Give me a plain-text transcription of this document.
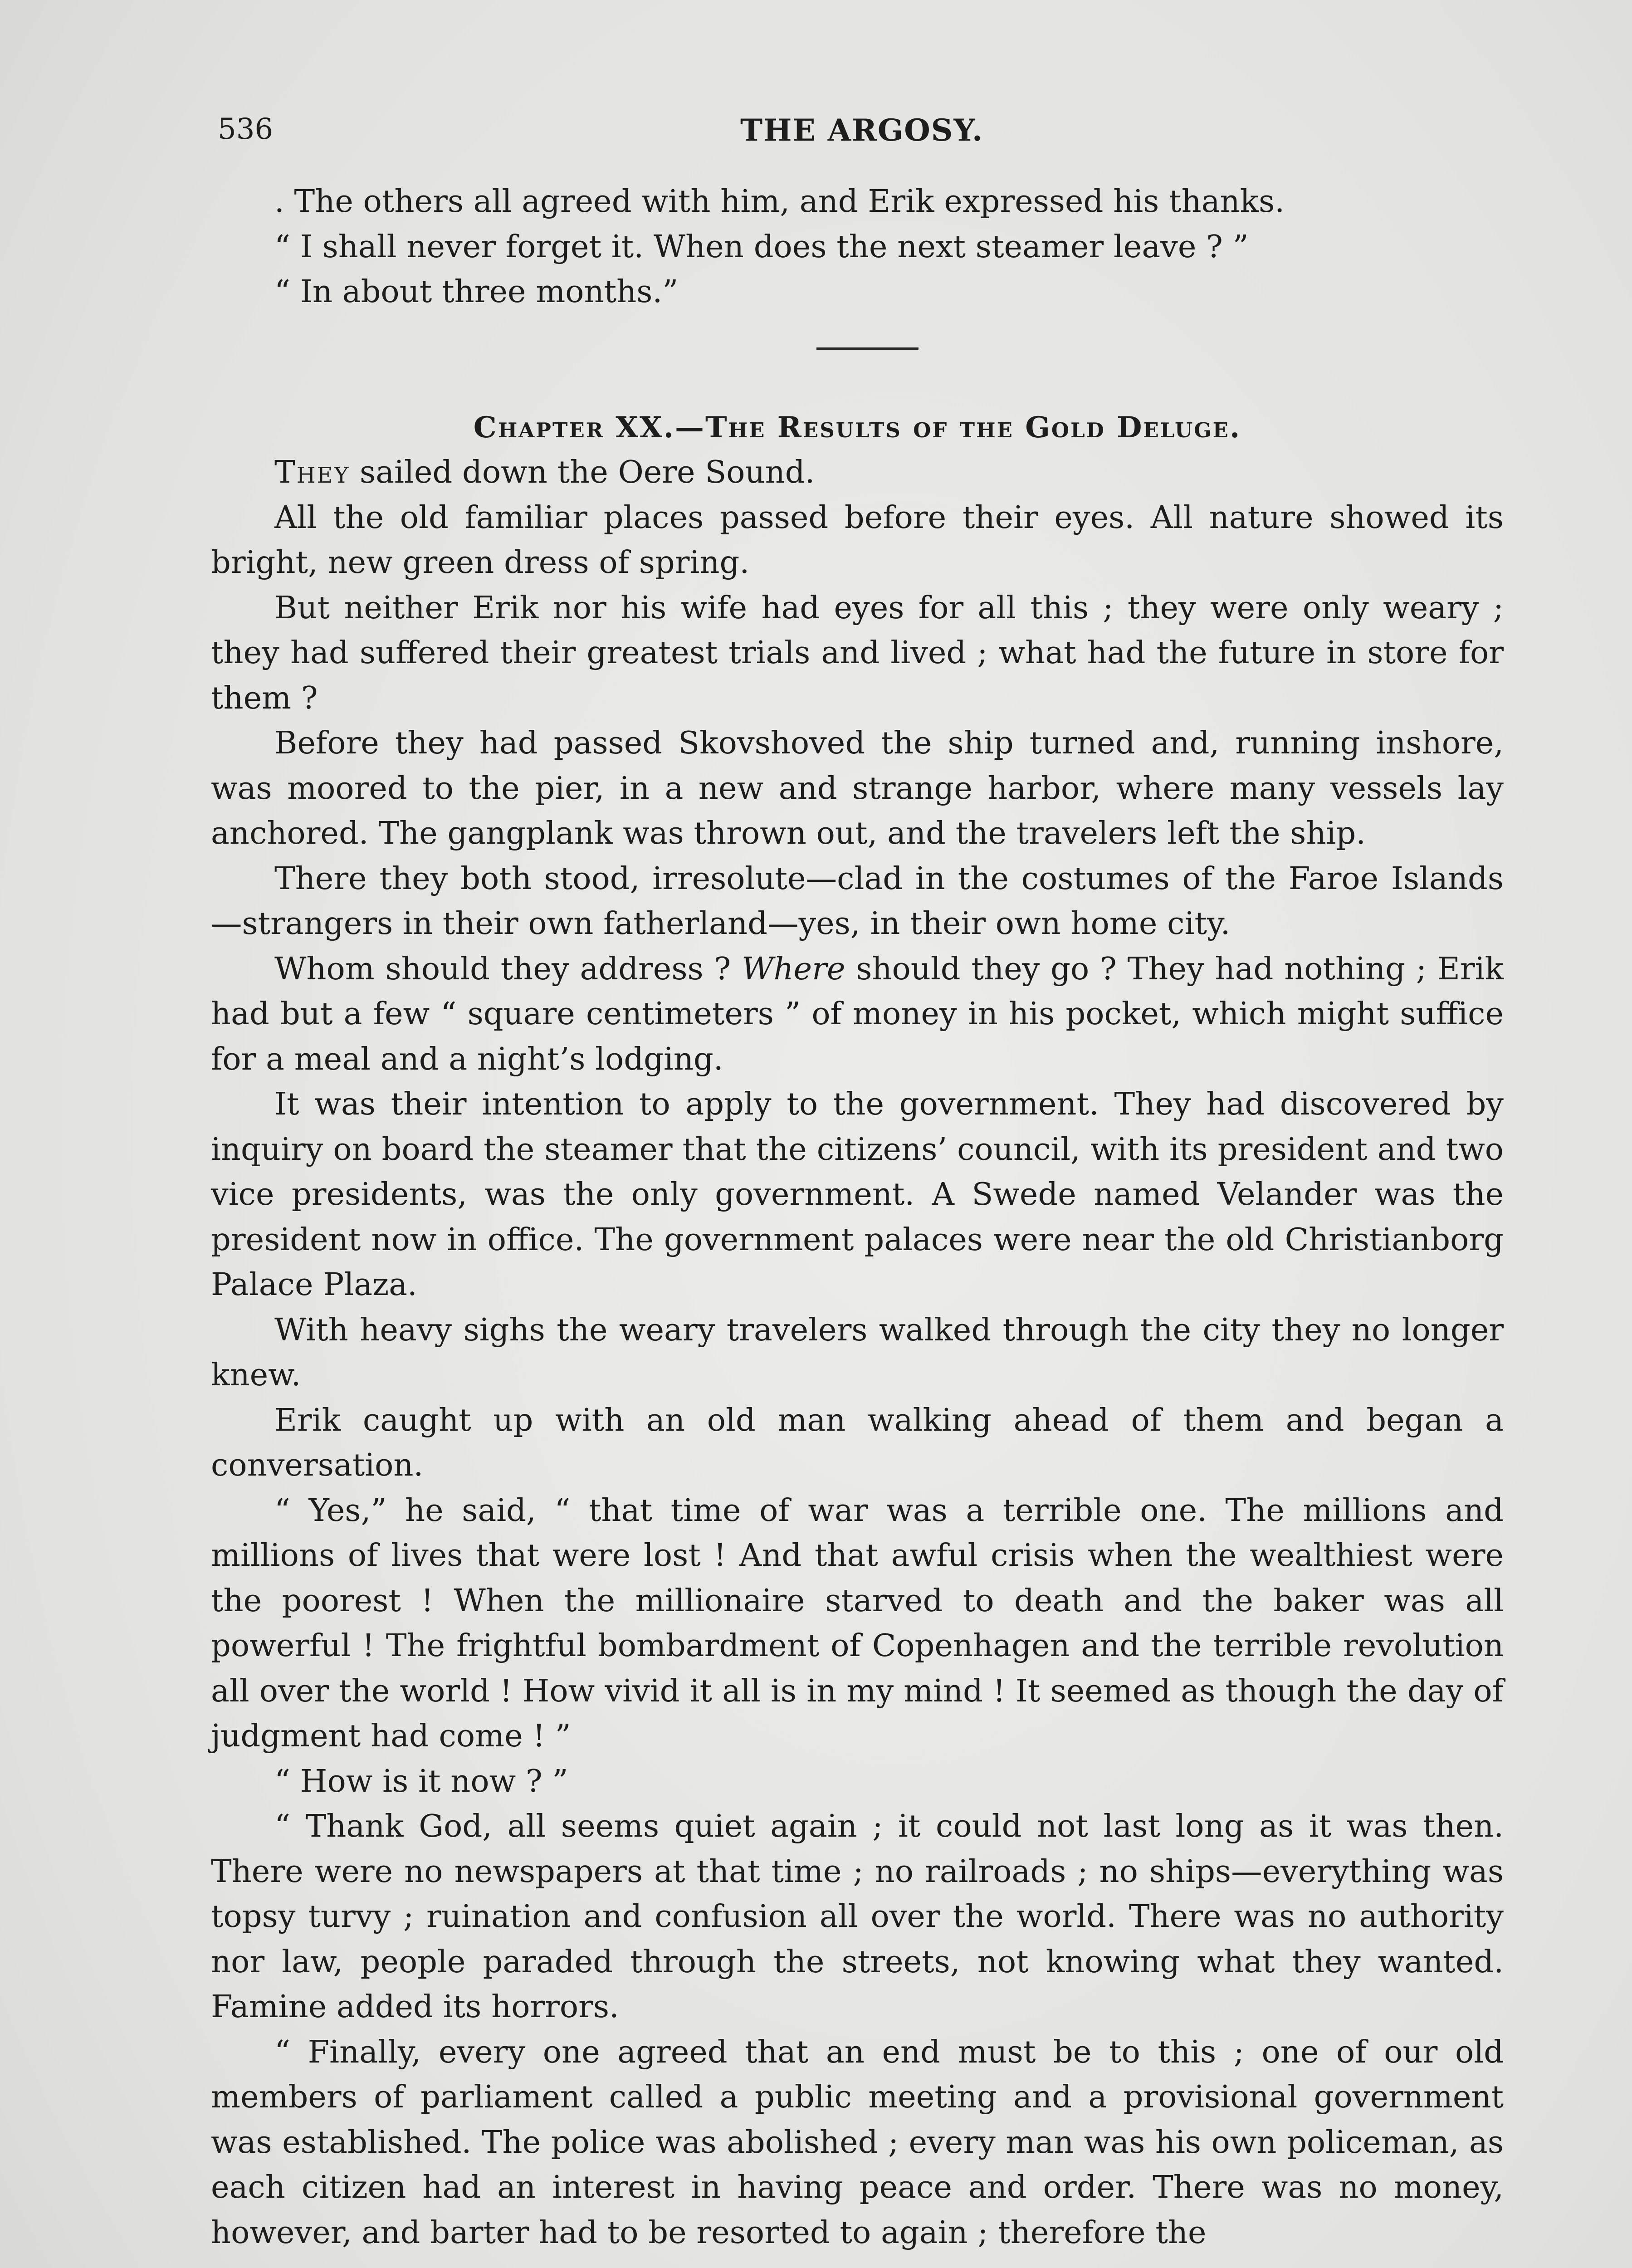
536	THE ARGOSY.

. The others all agreed with him, and Erik expressed his thanks.

“ I shall never forget it. When does the next steamer leave ? ”

“ In about three months.”

Chapter XX.—The Results of the Gold Deluge.

They sailed down the Oere Sound.

All the old familiar places passed before their eyes. All nature showed its bright, new green dress of spring.

But neither Erik nor his wife had eyes for all this ; they were only weary ; they had suffered their greatest trials and lived ; what had the future in store for them ?

Before they had passed Skovshoved the ship turned and, running inshore, was moored to the pier, in a new and strange harbor, where many vessels lay anchored. The gangplank was thrown out, and the travelers left the ship.

There they both stood, irresolute—clad in the costumes of the Faroe Islands—strangers in their own fatherland—yes, in their own home city.

Whom should they address ? Where should they go ? They had nothing ; Erik had but a few “ square centimeters ” of money in his pocket, which might suffice for a meal and a night’s lodging.

It was their intention to apply to the government. They had discovered by inquiry on board the steamer that the citizens’ council, with its president and two vice presidents, was the only government. A Swede named Velander was the president now in office. The government palaces were near the old Christianborg Palace Plaza.

With heavy sighs the weary travelers walked through the city they no longer knew.

Erik caught up with an old man walking ahead of them and began a conversation.

“ Yes,” he said, “ that time of war was a terrible one. The millions and millions of lives that were lost ! And that awful crisis when the wealthiest were the poorest ! When the millionaire starved to death and the baker was all powerful ! The frightful bombardment of Copenhagen and the terrible revolution all over the world ! How vivid it all is in my mind ! It seemed as though the day of judgment had come ! ”

“ How is it now ? ”

“ Thank God, all seems quiet again ; it could not last long as it was then. There were no newspapers at that time ; no railroads ; no ships—everything was topsy turvy ; ruination and confusion all over the world. There was no authority nor law, people paraded through the streets, not knowing what they wanted. Famine added its horrors.

“ Finally, every one agreed that an end must be to this ; one of our old members of parliament called a public meeting and a provisional government was established. The police was abolished ; every man was his own policeman, as each citizen had an interest in having peace and order. There was no money, however, and barter had to be resorted to again ; therefore the
